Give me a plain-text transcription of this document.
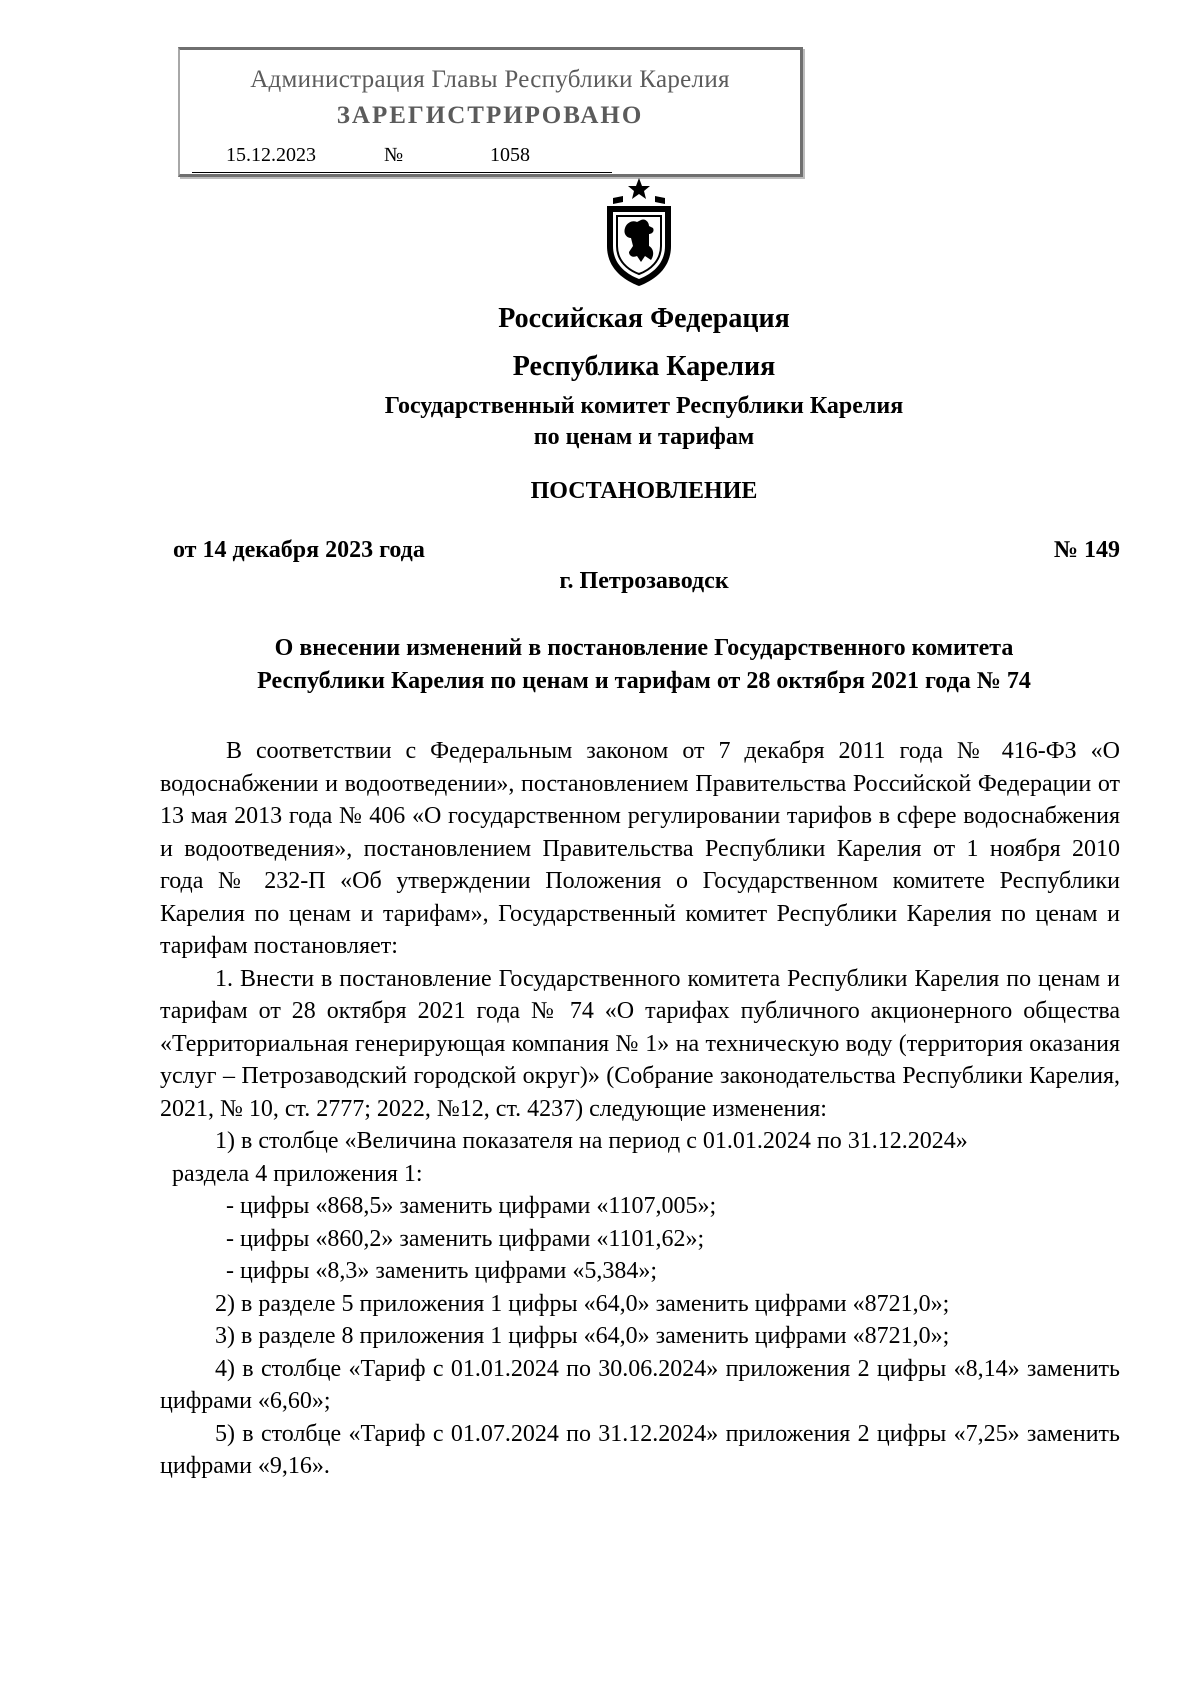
Администрация Главы Республики Карелия
ЗАРЕГИСТРИРОВАНО
15.12.2023	№	1058
Российская Федерация
Республика Карелия
Государственный комитет Республики Карелия
по ценам и тарифам
ПОСТАНОВЛЕНИЕ
от 14 декабря 2023 года	№ 149
г. Петрозаводск
О внесении изменений в постановление Государственного комитета
Республики Карелия по ценам и тарифам от 28 октября 2021 года № 74

В соответствии с Федеральным законом от 7 декабря 2011 года № 416-ФЗ «О водоснабжении и водоотведении», постановлением Правительства Российской Федерации от 13 мая 2013 года № 406 «О государственном регулировании тарифов в сфере водоснабжения и водоотведения», постановлением Правительства Республики Карелия от 1 ноября 2010 года № 232-П «Об утверждении Положения о Государственном комитете Республики Карелия по ценам и тарифам», Государственный комитет Республики Карелия по ценам и тарифам постановляет:

1. Внести в постановление Государственного комитета Республики Карелия по ценам и тарифам от 28 октября 2021 года № 74 «О тарифах публичного акционерного общества «Территориальная генерирующая компания № 1» на техническую воду (территория оказания услуг – Петрозаводский городской округ)» (Собрание законодательства Республики Карелия, 2021, № 10, ст. 2777; 2022, №12, ст. 4237) следующие изменения:

1) в столбце «Величина показателя на период с 01.01.2024 по 31.12.2024»

раздела 4 приложения 1:

- цифры «868,5» заменить цифрами «1107,005»;

- цифры «860,2» заменить цифрами «1101,62»;

- цифры «8,3» заменить цифрами «5,384»;

2) в разделе 5 приложения 1 цифры «64,0» заменить цифрами «8721,0»;

3) в разделе 8 приложения 1 цифры «64,0» заменить цифрами «8721,0»;

4) в столбце «Тариф с 01.01.2024 по 30.06.2024» приложения 2 цифры «8,14» заменить цифрами «6,60»;

5) в столбце «Тариф с 01.07.2024 по 31.12.2024» приложения 2 цифры «7,25» заменить цифрами «9,16».
